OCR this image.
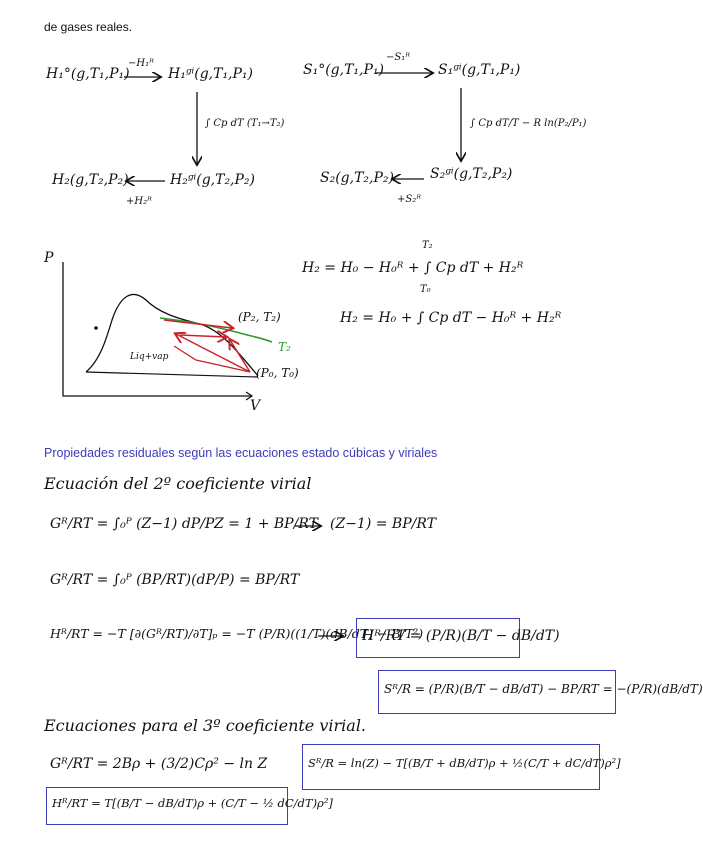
de gases reales.
Propiedades residuales según las ecuaciones estado cúbicas y viriales
H₁°(g,T₁,P₁)
−H₁ᴿ
H₁ᵍⁱ(g,T₁,P₁)
∫ Cp dT (T₁→T₂)
H₂(g,T₂,P₂)	H₂ᵍⁱ(g,T₂,P₂)
+H₂ᴿ
S₁°(g,T₁,P₁)
−S₁ᴿ
S₁ᵍⁱ(g,T₁,P₁)
∫ Cp dT/T − R ln(P₂/P₁)
S₂(g,T₂,P₂)	S₂ᵍⁱ(g,T₂,P₂)
+S₂ᴿ
P
V
(P₂, T₂)
(P₀, T₀)
T₂
Liq+vap
H₂ = H₀ − H₀ᴿ + ∫ Cp dT + H₂ᴿ
H₂ = H₀ + ∫ Cp dT − H₀ᴿ + H₂ᴿ
T₂
T₀
Ecuación del 2º coeficiente virial
Gᴿ/RT = ∫₀ᴾ (Z−1) dP/P Z = 1 + BP/RT (Z−1) = BP/RT
Gᴿ/RT = ∫₀ᴾ (BP/RT)(dP/P) = BP/RT
Hᴿ/RT = −T [∂(Gᴿ/RT)/∂T]ₚ = −T (P/R)((1/T)(dB/dT) − B/T²)
Hᴿ/RT = (P/R)(B/T − dB/dT)
Sᴿ/R = (P/R)(B/T − dB/dT) − BP/RT = −(P/R)(dB/dT)
Ecuaciones para el 3º coeficiente virial.
Gᴿ/RT = 2Bρ + (3/2)Cρ² − ln Z	Sᴿ/R = ln(Z) − T[(B/T + dB/dT)ρ + ½(C/T + dC/dT)ρ²]
Hᴿ/RT = T[(B/T − dB/dT)ρ + (C/T − ½ dC/dT)ρ²]
